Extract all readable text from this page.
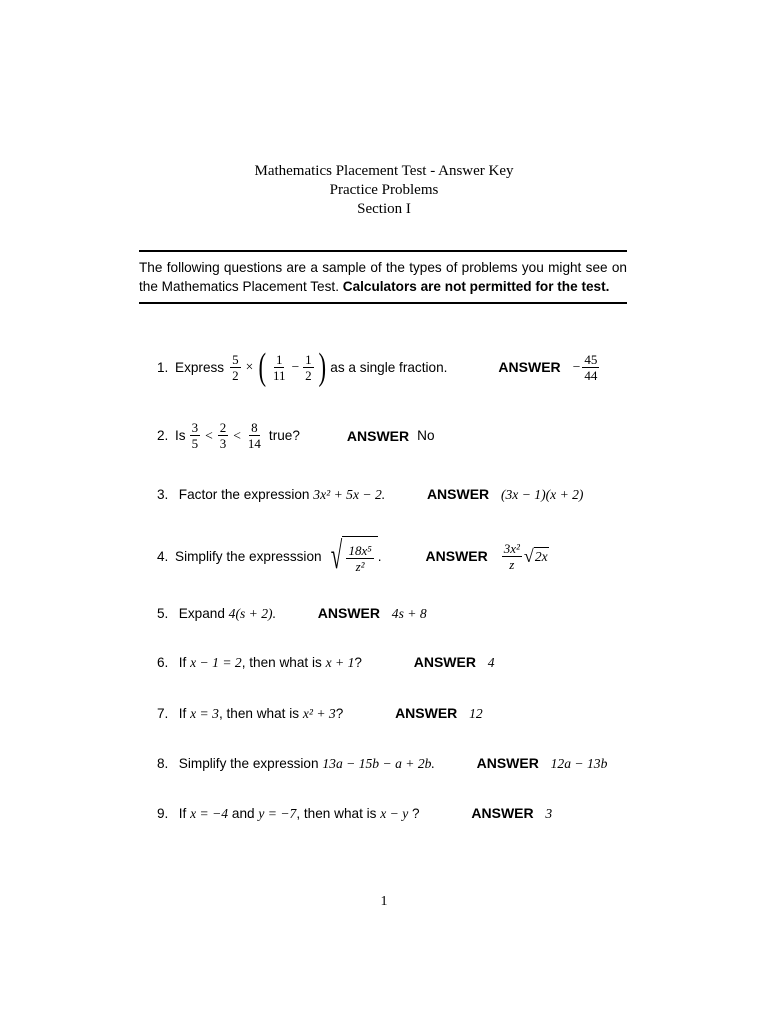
Mathematics Placement Test - Answer Key
Practice Problems
Section I
The following questions are a sample of the types of problems you might see on the Mathematics Placement Test. Calculators are not permitted for the test.
1. Express $\frac{5}{2}$ × ( $\frac{1}{11} - \frac{1}{2}$ ) as a single fraction.	ANSWER − $\frac{45}{44}$
2. Is $\frac{3}{5} < \frac{2}{3} < \frac{8}{14}$ true?	ANSWER No
3. Factor the expression 3x² + 5x − 2.	ANSWER (3x − 1)(x + 2)
4. Simplify the expresssion √ $\frac{\text{18x⁵}}{\text{z²}}$ .	ANSWER $\frac{\text{3x²}}{z}$ √ 2x
5. Expand 4(s + 2).	ANSWER 4s + 8
6. If x − 1 = 2, then what is x + 1?	ANSWER 4
7. If x = 3, then what is x² + 3?	ANSWER 12
8. Simplify the expression 13a − 15b − a + 2b.	ANSWER 12a − 13b
9. If x = −4 and y = −7, then what is x − y ?	ANSWER 3
1
